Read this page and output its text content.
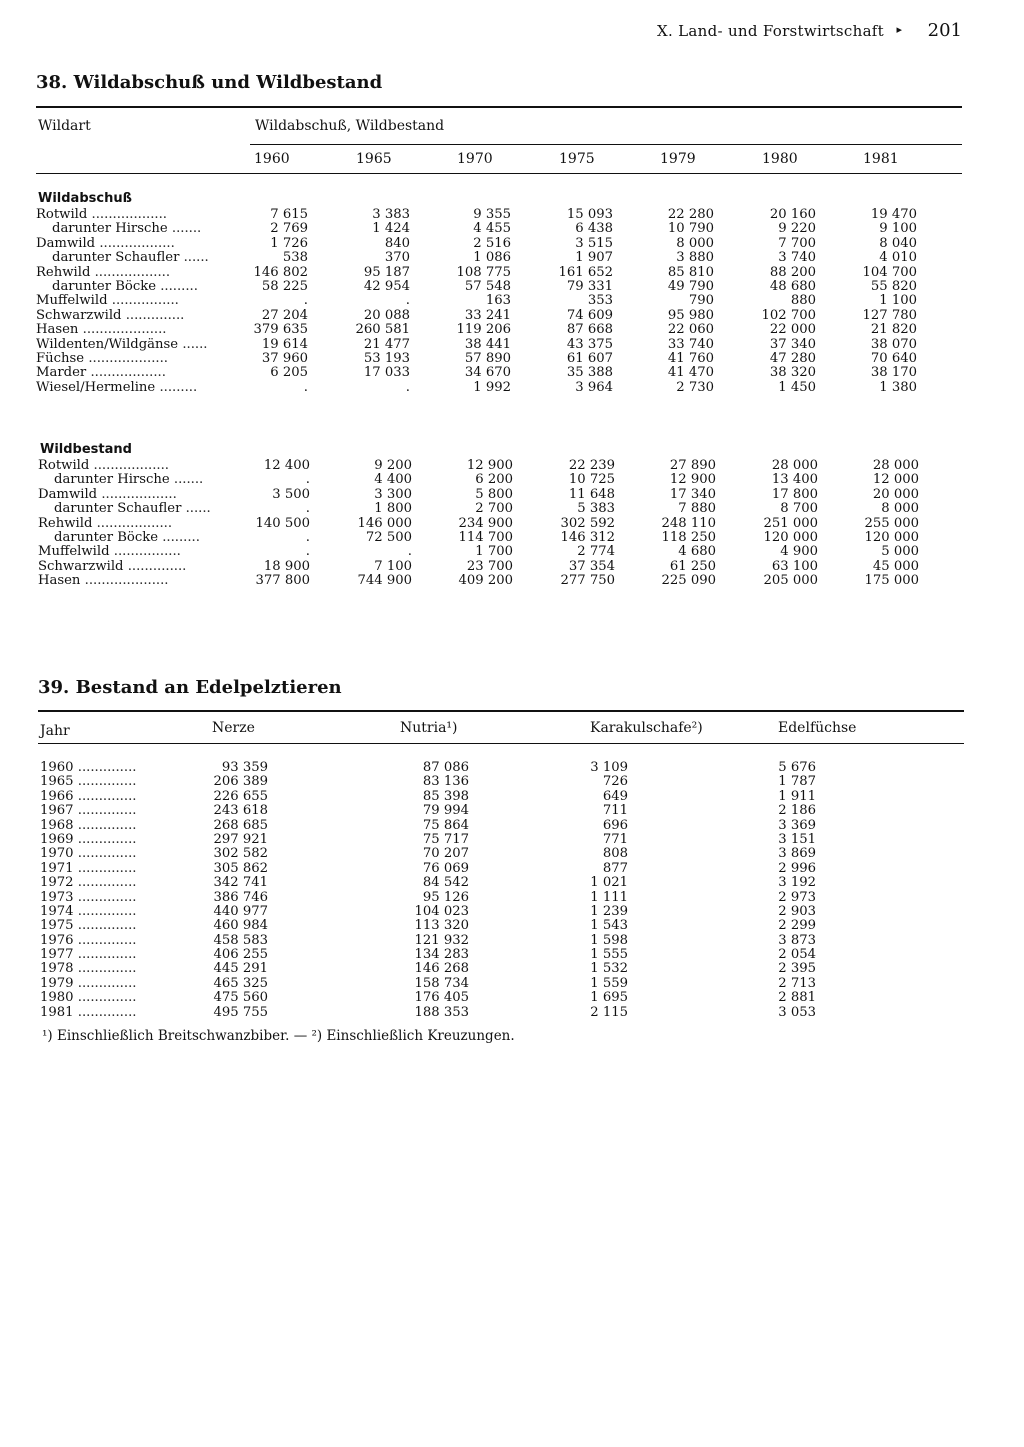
X. Land- und Forstwirtschaft ▸ 201
38. Wildabschuß und Wildbestand
Wildart	Wildabschuß, Wildbestand
1960	1965	1970	1975	1979	1980	1981
Wildabschuß
Rotwild ..................	7 615	3 383	9 355	15 093	22 280	20 160	19 470
darunter Hirsche .......	2 769	1 424	4 455	6 438	10 790	9 220	9 100
Damwild ..................	1 726	840	2 516	3 515	8 000	7 700	8 040
darunter Schaufler ......	538	370	1 086	1 907	3 880	3 740	4 010
Rehwild ..................	146 802	95 187	108 775	161 652	85 810	88 200	104 700
darunter Böcke .........	58 225	42 954	57 548	79 331	49 790	48 680	55 820
Muffelwild ................	.	.	163	353	790	880	1 100
Schwarzwild ..............	27 204	20 088	33 241	74 609	95 980	102 700	127 780
Hasen ....................	379 635	260 581	119 206	87 668	22 060	22 000	21 820
Wildenten/Wildgänse ......	19 614	21 477	38 441	43 375	33 740	37 340	38 070
Füchse ...................	37 960	53 193	57 890	61 607	41 760	47 280	70 640
Marder ..................	6 205	17 033	34 670	35 388	41 470	38 320	38 170
Wiesel/Hermeline .........	.	.	1 992	3 964	2 730	1 450	1 380
Wildbestand
Rotwild ..................	12 400	9 200	12 900	22 239	27 890	28 000	28 000
darunter Hirsche .......	.	4 400	6 200	10 725	12 900	13 400	12 000
Damwild ..................	3 500	3 300	5 800	11 648	17 340	17 800	20 000
darunter Schaufler ......	.	1 800	2 700	5 383	7 880	8 700	8 000
Rehwild ..................	140 500	146 000	234 900	302 592	248 110	251 000	255 000
darunter Böcke .........	.	72 500	114 700	146 312	118 250	120 000	120 000
Muffelwild ................	.	.	1 700	2 774	4 680	4 900	5 000
Schwarzwild ..............	18 900	7 100	23 700	37 354	61 250	63 100	45 000
Hasen ....................	377 800	744 900	409 200	277 750	225 090	205 000	175 000
39. Bestand an Edelpelztieren
Jahr	Nerze	Nutria¹)	Karakulschafe²)	Edelfüchse
1960 ..............	93 359	87 086	3 109	5 676
1965 ..............	206 389	83 136	726	1 787
1966 ..............	226 655	85 398	649	1 911
1967 ..............	243 618	79 994	711	2 186
1968 ..............	268 685	75 864	696	3 369
1969 ..............	297 921	75 717	771	3 151
1970 ..............	302 582	70 207	808	3 869
1971 ..............	305 862	76 069	877	2 996
1972 ..............	342 741	84 542	1 021	3 192
1973 ..............	386 746	95 126	1 111	2 973
1974 ..............	440 977	104 023	1 239	2 903
1975 ..............	460 984	113 320	1 543	2 299
1976 ..............	458 583	121 932	1 598	3 873
1977 ..............	406 255	134 283	1 555	2 054
1978 ..............	445 291	146 268	1 532	2 395
1979 ..............	465 325	158 734	1 559	2 713
1980 ..............	475 560	176 405	1 695	2 881
1981 ..............	495 755	188 353	2 115	3 053
¹) Einschließlich Breitschwanzbiber. — ²) Einschließlich Kreuzungen.
